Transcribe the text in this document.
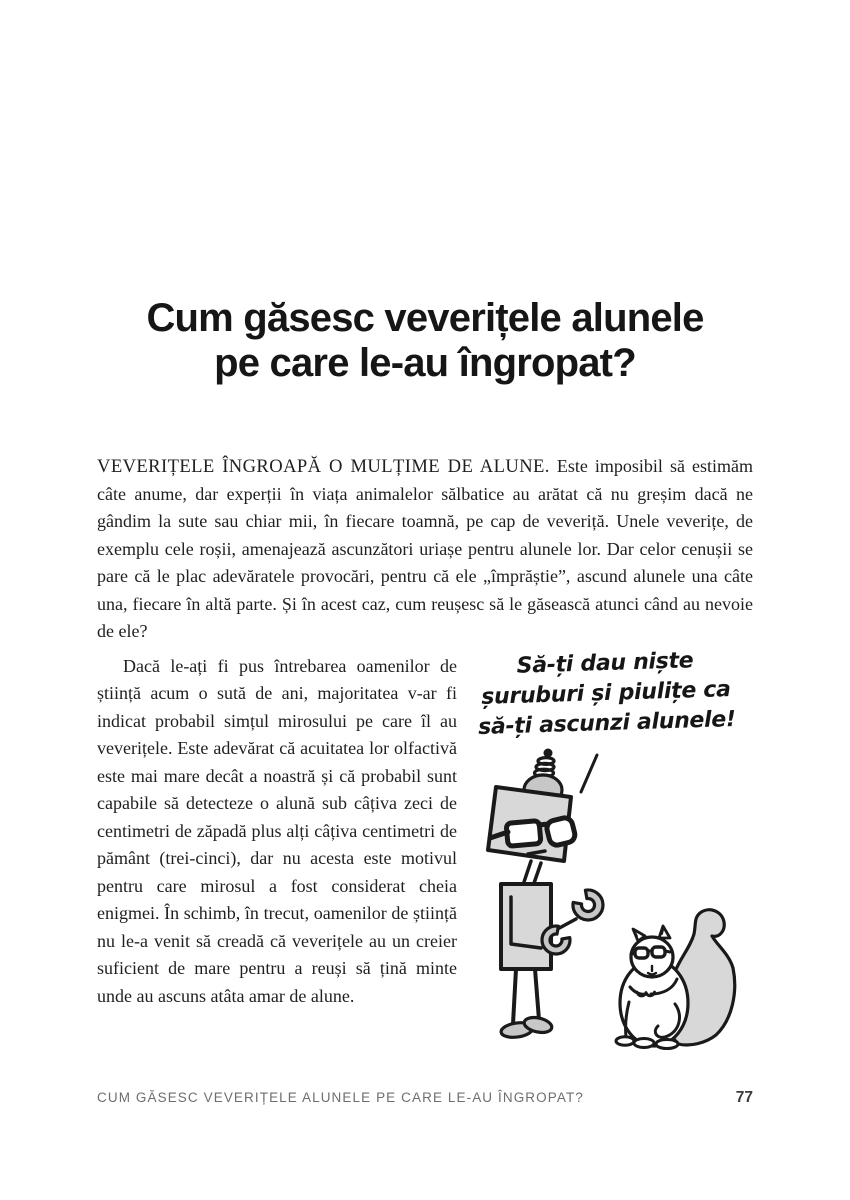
Cum găsesc veverițele alunele
pe care le-au îngropat?

VEVERIȚELE ÎNGROAPĂ O MULȚIME DE ALUNE. Este imposibil să estimăm câte anume, dar experții în viața animalelor sălbatice au arătat că nu greșim dacă ne gândim la sute sau chiar mii, în fiecare toamnă, pe cap de veveriță. Unele veverițe, de exemplu cele roșii, amenajează ascunzători uriașe pentru alunele lor. Dar celor cenușii se pare că le plac adevăratele provocări, pentru că ele „împrăștie”, ascund alunele una câte una, fiecare în altă parte. Și în acest caz, cum reușesc să le găsească atunci când au nevoie de ele?

Dacă le-ați fi pus întrebarea oamenilor de știință acum o sută de ani, majoritatea v-ar fi indicat probabil simțul mirosului pe care îl au veverițele. Este adevărat că acuitatea lor olfactivă este mai mare decât a noastră și că probabil sunt capabile să detecteze o alună sub câțiva zeci de centimetri de zăpadă plus alți câțiva centimetri de pământ (trei-cinci), dar nu acesta este motivul pentru care mirosul a fost considerat cheia enigmei. În schimb, în trecut, oamenilor de știință nu le-a venit să creadă că veverițele au un creier suficient de mare pentru a reuși să țină minte unde au ascuns atâta amar de alune.

Să-ți dau niște
șuruburi și piulițe ca
să-ți ascunzi alunele!
CUM GĂSESC VEVERIȚELE ALUNELE PE CARE LE-AU ÎNGROPAT?	77
